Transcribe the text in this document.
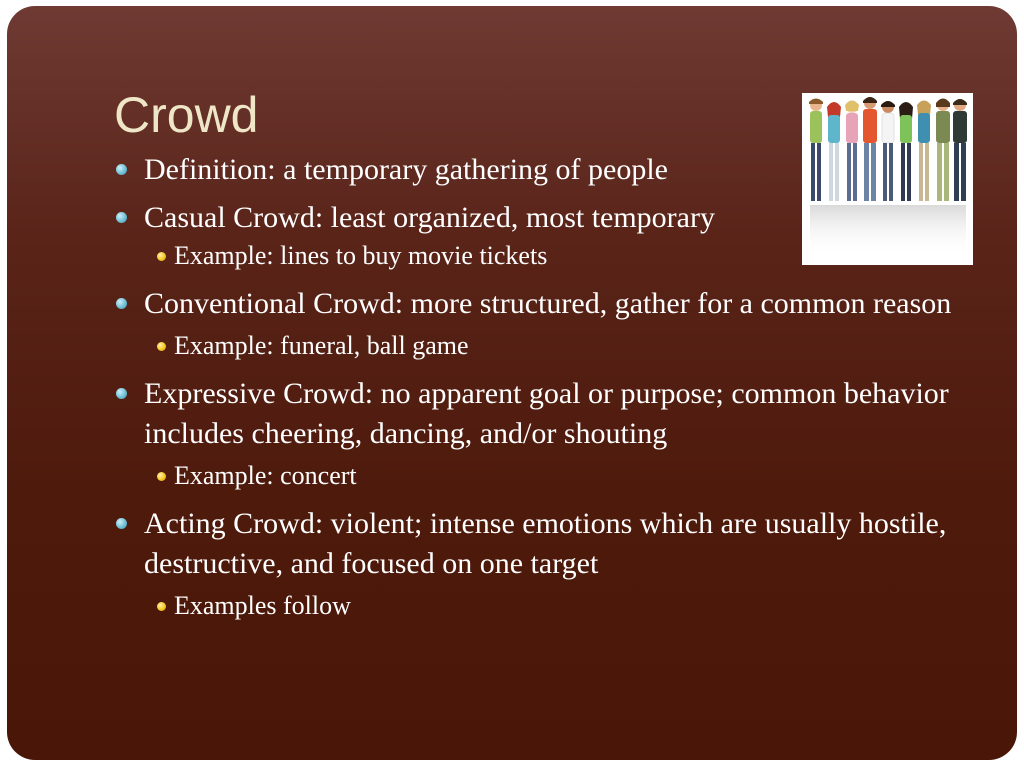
Crowd
Definition: a temporary gathering of people
Casual Crowd: least organized, most temporary
Example: lines to buy movie tickets
Conventional Crowd: more structured, gather for a common reason
Example: funeral, ball game
Expressive Crowd: no apparent goal or purpose; common behavior includes cheering, dancing, and/or shouting
Example: concert
Acting Crowd: violent; intense emotions which are usually hostile, destructive, and focused on one target
Examples follow
